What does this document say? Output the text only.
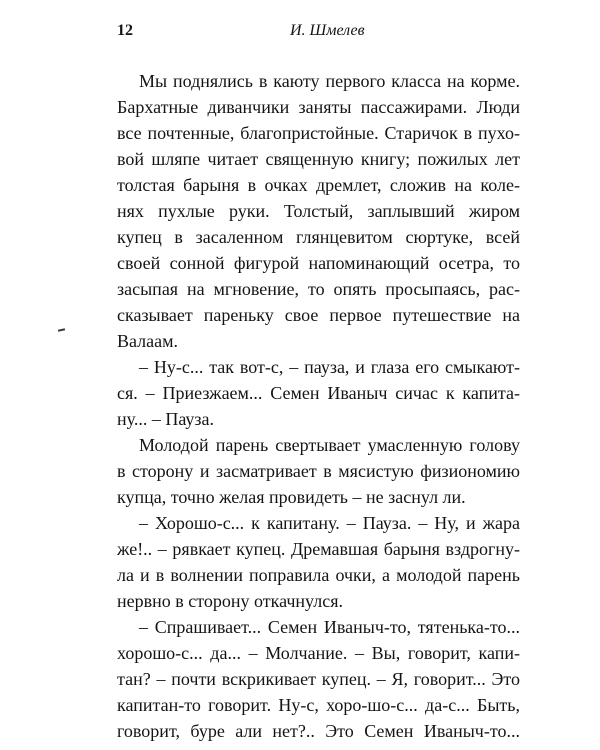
12	И. Шмелев
Мы поднялись в каюту первого класса на корме.
Бархатные диванчики заняты пассажирами. Люди
все почтенные, благопристойные. Старичок в пухо-
вой шляпе читает священную книгу; пожилых лет
толстая барыня в очках дремлет, сложив на коле-
нях пухлые руки. Толстый, заплывший жиром
купец в засаленном глянцевитом сюртуке, всей
своей сонной фигурой напоминающий осетра, то
засыпая на мгновение, то опять просыпаясь, рас-
сказывает пареньку свое первое путешествие на
Валаам.
– Ну-с... так вот-с, – пауза, и глаза его смыкают-
ся. – Приезжаем... Семен Иваныч сичас к капита-
ну... – Пауза.
Молодой парень свертывает умасленную голову
в сторону и засматривает в мясистую физиономию
купца, точно желая провидеть – не заснул ли.
– Хорошо-с... к капитану. – Пауза. – Ну, и жара
же!.. – рявкает купец. Дремавшая барыня вздрогну-
ла и в волнении поправила очки, а молодой парень
нервно в сторону откачнулся.
– Спрашивает... Семен Иваныч-то, тятенька-то...
хорошо-с... да... – Молчание. – Вы, говорит, капи-
тан? – почти вскрикивает купец. – Я, говорит... Это
капитан-то говорит. Ну-с, хоро-шо-с... да-с... Быть,
говорит, буре али нет?.. Это Семен Иваныч-то...
